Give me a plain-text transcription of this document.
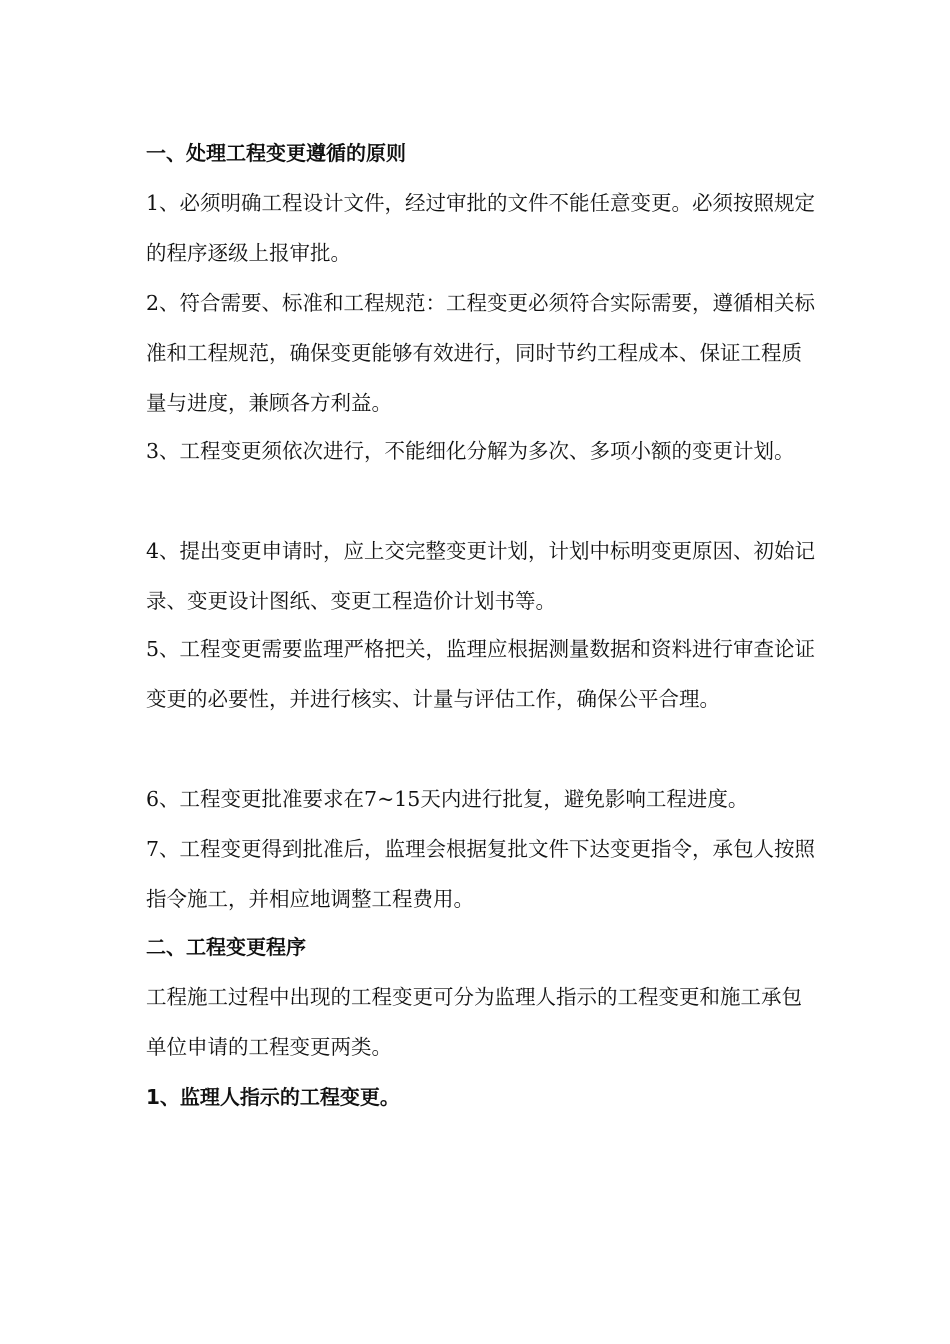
一、处理工程变更遵循的原则

1、必须明确工程设计文件，经过审批的文件不能任意变更。必须按照规定的程序逐级上报审批。

2、符合需要、标准和工程规范：工程变更必须符合实际需要，遵循相关标准和工程规范，确保变更能够有效进行，同时节约工程成本、保证工程质量与进度，兼顾各方利益。

3、工程变更须依次进行，不能细化分解为多次、多项小额的变更计划。

4、提出变更申请时，应上交完整变更计划，计划中标明变更原因、初始记录、变更设计图纸、变更工程造价计划书等。

5、工程变更需要监理严格把关，监理应根据测量数据和资料进行审查论证变更的必要性，并进行核实、计量与评估工作，确保公平合理。

6、工程变更批准要求在7~15天内进行批复，避免影响工程进度。

7、工程变更得到批准后，监理会根据复批文件下达变更指令，承包人按照指令施工，并相应地调整工程费用。

二、工程变更程序

工程施工过程中出现的工程变更可分为监理人指示的工程变更和施工承包单位申请的工程变更两类。

1、监理人指示的工程变更。
